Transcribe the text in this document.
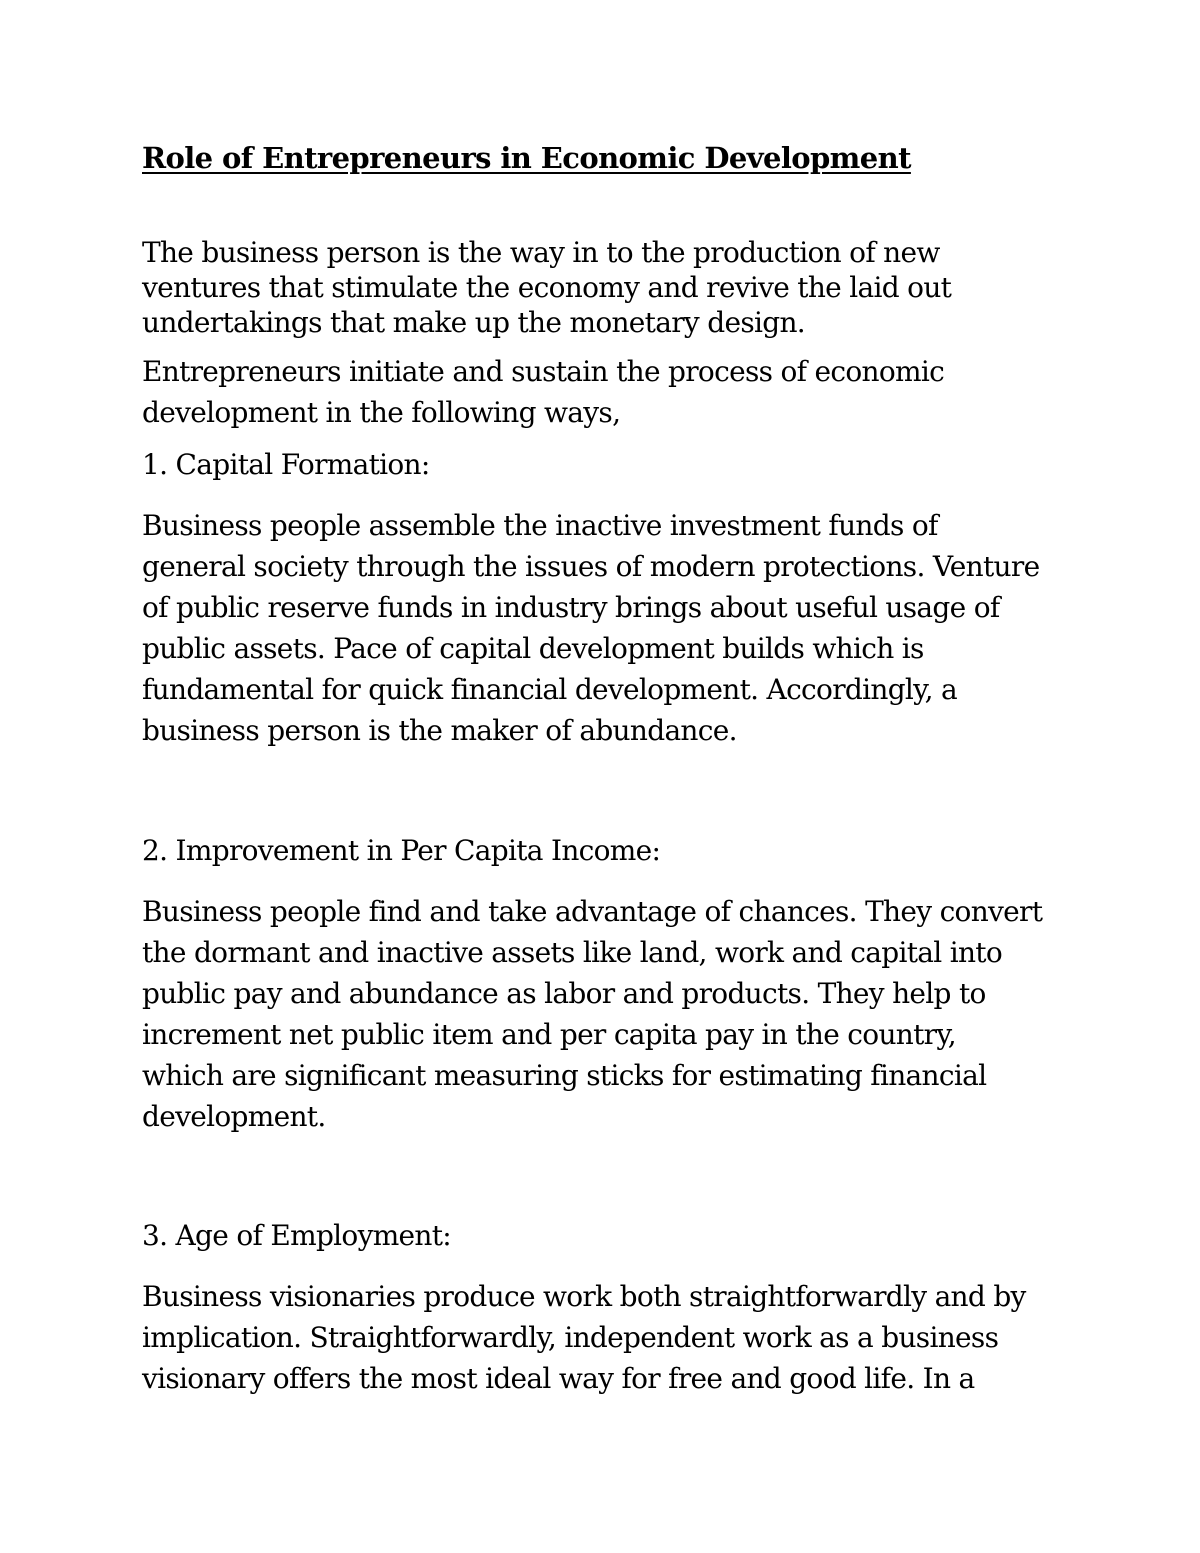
Role of Entrepreneurs in Economic Development

The business person is the way in to the production of new
ventures that stimulate the economy and revive the laid out
undertakings that make up the monetary design.

Entrepreneurs initiate and sustain the process of economic
development in the following ways,

1. Capital Formation:

Business people assemble the inactive investment funds of
general society through the issues of modern protections. Venture
of public reserve funds in industry brings about useful usage of
public assets. Pace of capital development builds which is
fundamental for quick financial development. Accordingly, a
business person is the maker of abundance.

2. Improvement in Per Capita Income:

Business people find and take advantage of chances. They convert
the dormant and inactive assets like land, work and capital into
public pay and abundance as labor and products. They help to
increment net public item and per capita pay in the country,
which are significant measuring sticks for estimating financial
development.

3. Age of Employment:

Business visionaries produce work both straightforwardly and by
implication. Straightforwardly, independent work as a business
visionary offers the most ideal way for free and good life. In a
